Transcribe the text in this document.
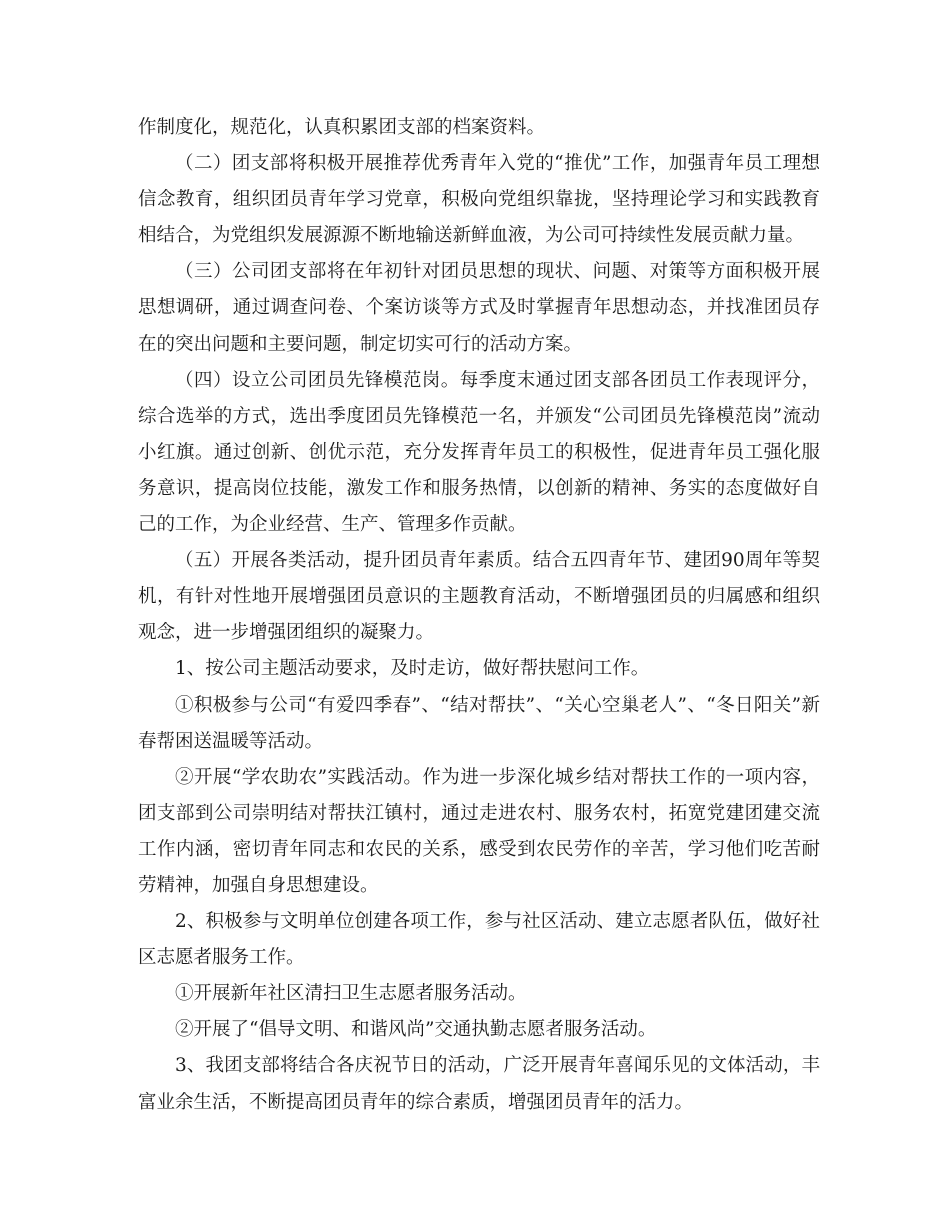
作制度化，规范化，认真积累团支部的档案资料。

（二）团支部将积极开展推荐优秀青年入党的“推优”工作，加强青年员工理想信念教育，组织团员青年学习党章，积极向党组织靠拢，坚持理论学习和实践教育相结合，为党组织发展源源不断地输送新鲜血液，为公司可持续性发展贡献力量。

（三）公司团支部将在年初针对团员思想的现状、问题、对策等方面积极开展思想调研，通过调查问卷、个案访谈等方式及时掌握青年思想动态，并找准团员存在的突出问题和主要问题，制定切实可行的活动方案。

（四）设立公司团员先锋模范岗。每季度末通过团支部各团员工作表现评分，综合选举的方式，选出季度团员先锋模范一名，并颁发“公司团员先锋模范岗”流动小红旗。通过创新、创优示范，充分发挥青年员工的积极性，促进青年员工强化服务意识，提高岗位技能，激发工作和服务热情，以创新的精神、务实的态度做好自己的工作，为企业经营、生产、管理多作贡献。

（五）开展各类活动，提升团员青年素质。结合五四青年节、建团90周年等契机，有针对性地开展增强团员意识的主题教育活动，不断增强团员的归属感和组织观念，进一步增强团组织的凝聚力。

1、按公司主题活动要求，及时走访，做好帮扶慰问工作。

①积极参与公司“有爱四季春”、“结对帮扶”、“关心空巢老人”、“冬日阳关”新春帮困送温暖等活动。

②开展“学农助农”实践活动。作为进一步深化城乡结对帮扶工作的一项内容，团支部到公司崇明结对帮扶江镇村，通过走进农村、服务农村，拓宽党建团建交流工作内涵，密切青年同志和农民的关系，感受到农民劳作的辛苦，学习他们吃苦耐劳精神，加强自身思想建设。

2、积极参与文明单位创建各项工作，参与社区活动、建立志愿者队伍，做好社区志愿者服务工作。

①开展新年社区清扫卫生志愿者服务活动。

②开展了“倡导文明、和谐风尚”交通执勤志愿者服务活动。

3、我团支部将结合各庆祝节日的活动，广泛开展青年喜闻乐见的文体活动，丰富业余生活，不断提高团员青年的综合素质，增强团员青年的活力。
